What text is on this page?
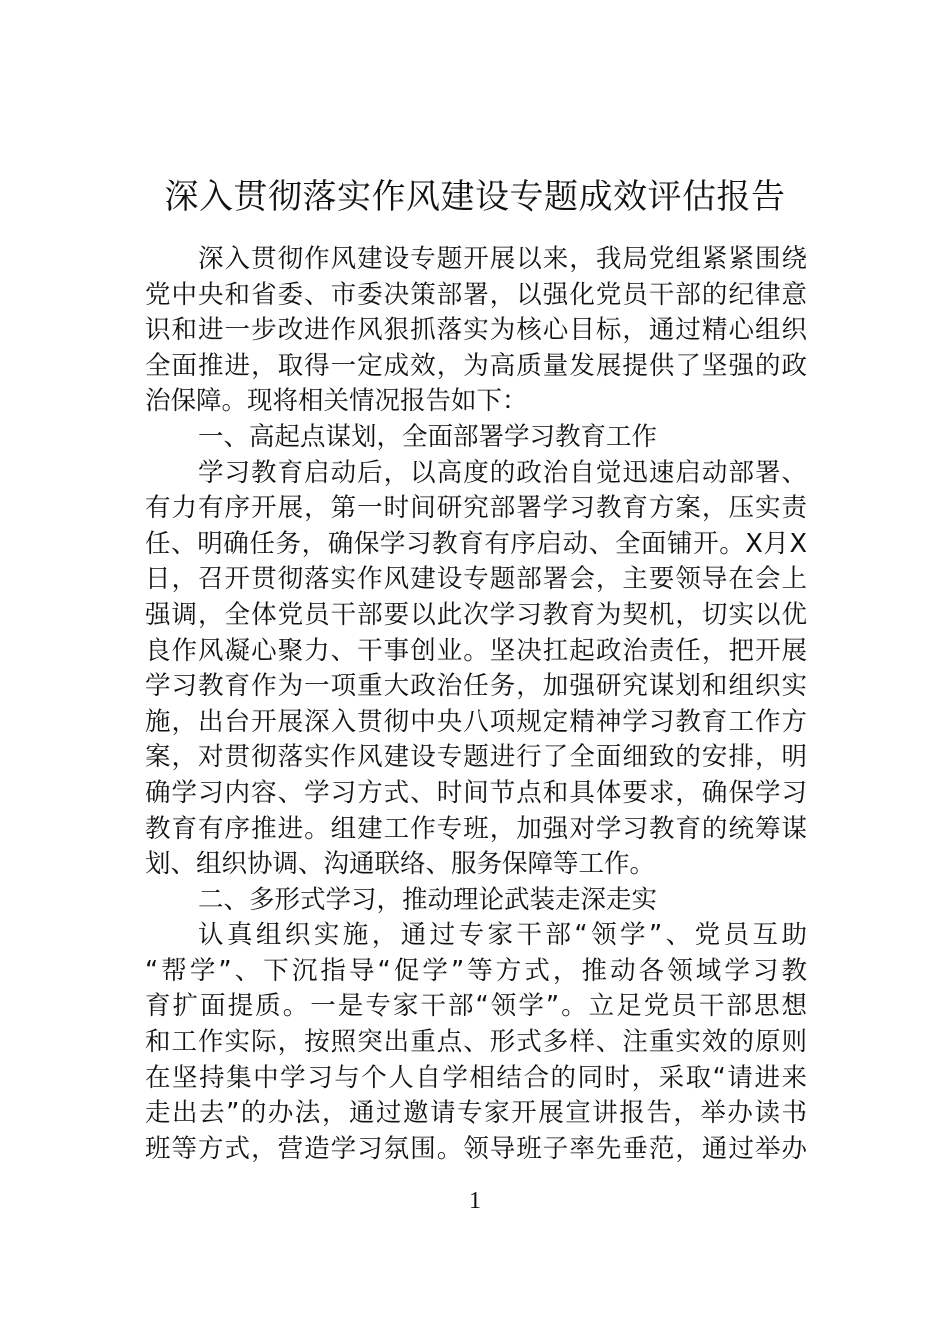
深入贯彻落实作风建设专题成效评估报告
深入贯彻作风建设专题开展以来，我局党组紧紧围绕
党中央和省委、市委决策部署，以强化党员干部的纪律意
识和进一步改进作风狠抓落实为核心目标，通过精心组织
全面推进，取得一定成效，为高质量发展提供了坚强的政
治保障。现将相关情况报告如下：
一、高起点谋划，全面部署学习教育工作
学习教育启动后，以高度的政治自觉迅速启动部署、
有力有序开展，第一时间研究部署学习教育方案，压实责
任、明确任务，确保学习教育有序启动、全面铺开。X月X
日，召开贯彻落实作风建设专题部署会，主要领导在会上
强调，全体党员干部要以此次学习教育为契机，切实以优
良作风凝心聚力、干事创业。坚决扛起政治责任，把开展
学习教育作为一项重大政治任务，加强研究谋划和组织实
施，出台开展深入贯彻中央八项规定精神学习教育工作方
案，对贯彻落实作风建设专题进行了全面细致的安排，明
确学习内容、学习方式、时间节点和具体要求，确保学习
教育有序推进。组建工作专班，加强对学习教育的统筹谋
划、组织协调、沟通联络、服务保障等工作。
二、多形式学习，推动理论武装走深走实
认真组织实施，通过专家干部“领学”、党员互助
“帮学”、下沉指导“促学”等方式，推动各领域学习教
育扩面提质。一是专家干部“领学”。立足党员干部思想
和工作实际，按照突出重点、形式多样、注重实效的原则
在坚持集中学习与个人自学相结合的同时，采取“请进来
走出去”的办法，通过邀请专家开展宣讲报告，举办读书
班等方式，营造学习氛围。领导班子率先垂范，通过举办
1
